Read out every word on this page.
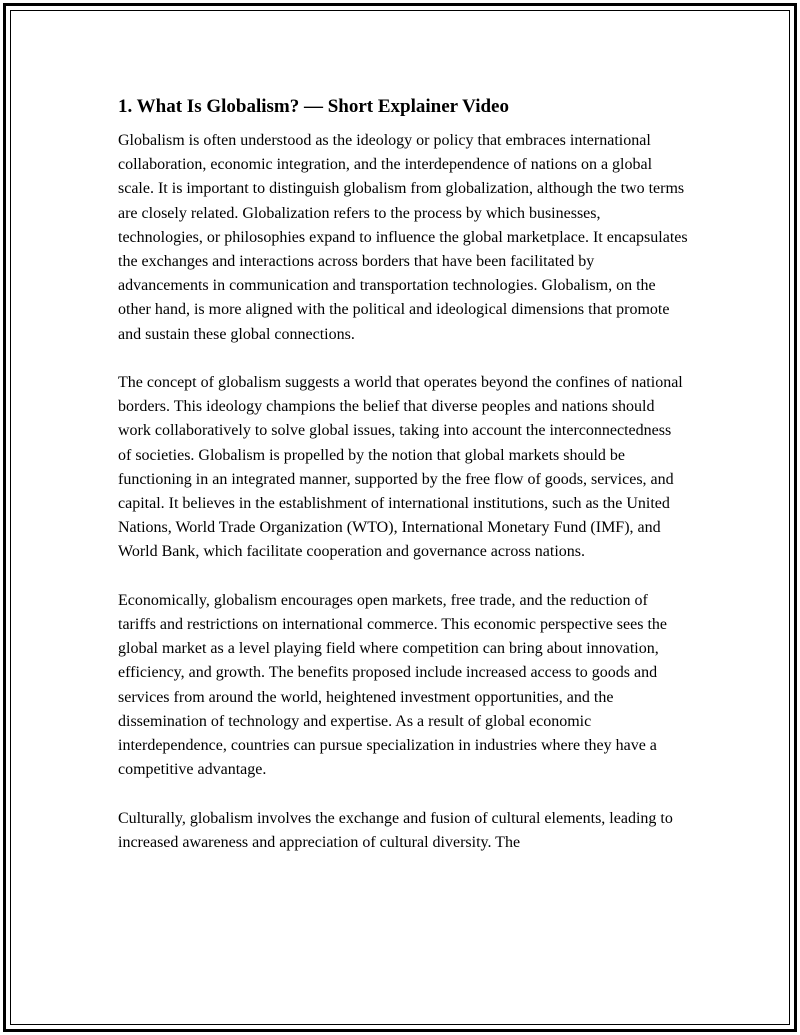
1. What Is Globalism? — Short Explainer Video

Globalism is often understood as the ideology or policy that embraces international collaboration, economic integration, and the interdependence of nations on a global scale. It is important to distinguish globalism from globalization, although the two terms are closely related. Globalization refers to the process by which businesses, technologies, or philosophies expand to influence the global marketplace. It encapsulates the exchanges and interactions across borders that have been facilitated by advancements in communication and transportation technologies. Globalism, on the other hand, is more aligned with the political and ideological dimensions that promote and sustain these global connections.

The concept of globalism suggests a world that operates beyond the confines of national borders. This ideology champions the belief that diverse peoples and nations should work collaboratively to solve global issues, taking into account the interconnectedness of societies. Globalism is propelled by the notion that global markets should be functioning in an integrated manner, supported by the free flow of goods, services, and capital. It believes in the establishment of international institutions, such as the United Nations, World Trade Organization (WTO), International Monetary Fund (IMF), and World Bank, which facilitate cooperation and governance across nations.

Economically, globalism encourages open markets, free trade, and the reduction of tariffs and restrictions on international commerce. This economic perspective sees the global market as a level playing field where competition can bring about innovation, efficiency, and growth. The benefits proposed include increased access to goods and services from around the world, heightened investment opportunities, and the dissemination of technology and expertise. As a result of global economic interdependence, countries can pursue specialization in industries where they have a competitive advantage.

Culturally, globalism involves the exchange and fusion of cultural elements, leading to increased awareness and appreciation of cultural diversity. The
